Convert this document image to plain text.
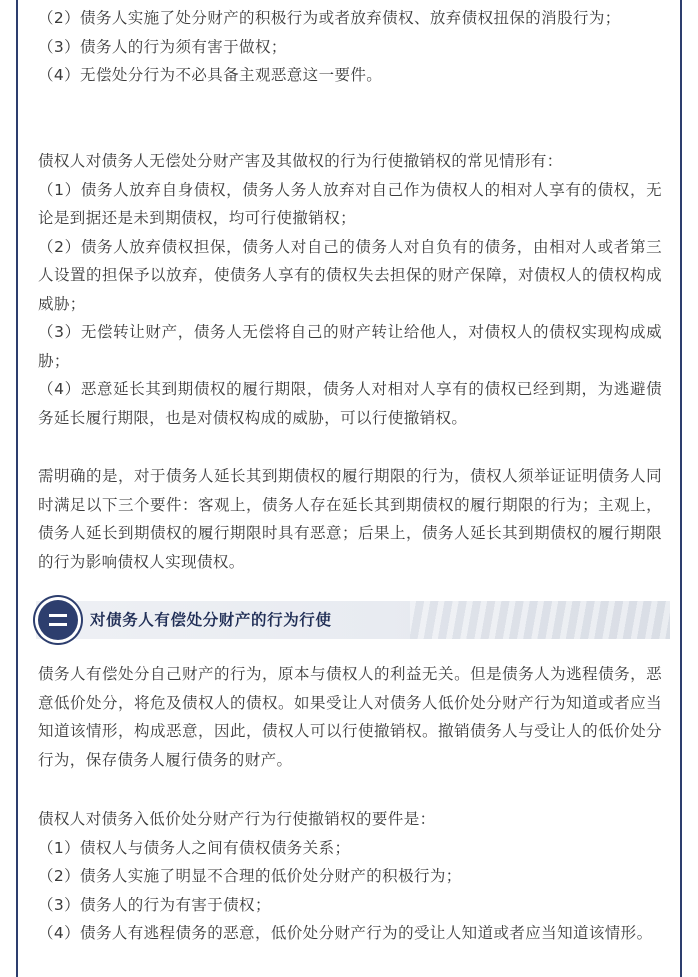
（2）债务人实施了处分财产的积极行为或者放弃债权、放弃债权扭保的消股行为；

（3）债务人的行为须有害于做权；

（4）无偿处分行为不必具备主观恶意这一要件。

债权人对债务人无偿处分财产害及其做权的行为行使撤销权的常见情形有：

（1）债务人放弃自身债权，债务人务人放弃对自己作为债权人的相对人享有的债权，无论是到据还是未到期债权，均可行使撤销权；

（2）债务人放弃债权担保，债务人对自己的债务人对自负有的债务，由相对人或者第三人设置的担保予以放弃，使债务人享有的债权失去担保的财产保障，对债权人的债权构成威胁；

（3）无偿转让财产，债务人无偿将自己的财产转让给他人，对债权人的债权实现构成威胁；

（4）恶意延长其到期债权的履行期限，债务人对相对人享有的债权已经到期，为逃避债务延长履行期限，也是对债权构成的威胁，可以行使撤销权。

需明确的是，对于债务人延长其到期债权的履行期限的行为，债权人须举证证明债务人同时满足以下三个要件：客观上，债务人存在延长其到期债权的履行期限的行为；主观上，债务人延长到期债权的履行期限时具有恶意；后果上，债务人延长其到期债权的履行期限的行为影响债权人实现债权。

债务人有偿处分自己财产的行为，原本与债权人的利益无关。但是债务人为逃程债务，恶意低价处分，将危及债权人的债权。如果受让人对债务人低价处分财产行为知道或者应当知道该情形，构成恶意，因此，债权人可以行使撤销权。撤销债务人与受让人的低价处分行为，保存债务人履行债务的财产。

债权人对债务入低价处分财产行为行使撤销权的要件是：

（1）债权人与债务人之间有债权债务关系；

（2）债务人实施了明显不合理的低价处分财产的积极行为；

（3）债务人的行为有害于债权；

（4）债务人有逃程债务的恶意，低价处分财产行为的受让人知道或者应当知道该情形。

对债务人有偿处分财产的行为行使
